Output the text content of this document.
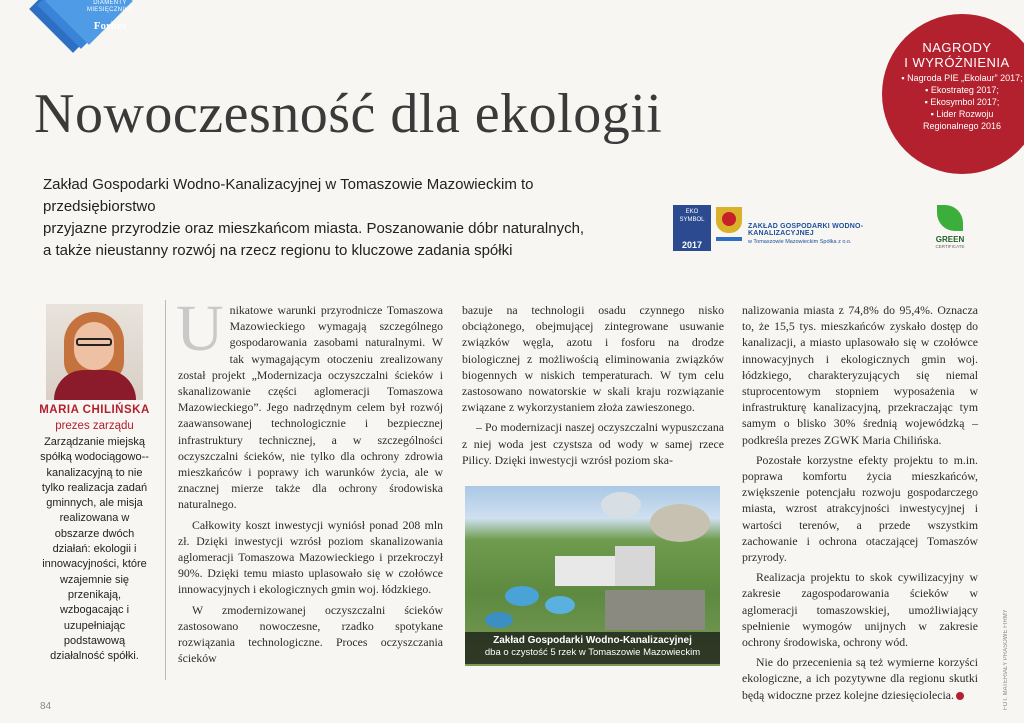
DIAMENTY
MIESIĘCZNIKA
Forbes
NAGRODY
I WYRÓŻNIENIA
▪ Nagroda PIE „Ekolaur” 2017;
▪ Ekostrateg 2017;
▪ Ekosymbol 2017;
▪ Lider Rozwoju
Regionalnego 2016
Nowoczesność dla ekologii

Zakład Gospodarki Wodno-Kanalizacyjnej w Tomaszowie Mazowieckim to przedsiębiorstwo

przyjazne przyrodzie oraz mieszkańcom miasta. Poszanowanie dóbr naturalnych,

a także nieustanny rozwój na rzecz regionu to kluczowe zadania spółki

EKO
SYMBOL
2017
ZAKŁAD GOSPODARKI WODNO-KANALIZACYJNEJ
w Tomaszowie Mazowieckim Spółka z o.o.	GREEN
CERTIFICATE
MARIA CHILIŃSKA
prezes zarządu
Zarządzanie miejską spółką wodociągowo--kanalizacyjną to nie tylko realizacja zadań gminnych, ale misja realizowana w obszarze dwóch działań: ekologii i innowacyjności, które wzajemnie się przenikają, wzbogacając i uzupełniając podstawową działalność spółki.

Unikatowe warunki przyrodnicze Tomaszowa Mazowieckiego wymagają szczególnego gospodarowania zasobami naturalnymi. W tak wymagającym otoczeniu zrealizowany został projekt „Modernizacja oczyszczalni ścieków i skanalizowanie części aglomeracji Tomaszowa Mazowieckiego”. Jego nadrzędnym celem był rozwój zaawansowanej technologicznie i bezpiecznej infrastruktury technicznej, a w szczególności oczyszczalni ścieków, nie tylko dla ochrony zdrowia mieszkańców i poprawy ich warunków życia, ale w znacznej mierze także dla ochrony środowiska naturalnego.

Całkowity koszt inwestycji wyniósł ponad 208 mln zł. Dzięki inwestycji wzrósł poziom skanalizowania aglomeracji Tomaszowa Mazowieckiego i przekroczył 90%. Dzięki temu miasto uplasowało się w czołówce innowacyjnych i ekologicznych gmin woj. łódzkiego.

W zmodernizowanej oczyszczalni ścieków zastosowano nowoczesne, rzadko spotykane rozwiązania technologiczne. Proces oczyszczania ścieków

bazuje na technologii osadu czynnego nisko obciążonego, obejmującej zintegrowane usuwanie związków węgla, azotu i fosforu na drodze biologicznej z możliwością eliminowania związków biogennych w niskich temperaturach. W tym celu zastosowano nowatorskie w skali kraju rozwiązanie związane z wykorzystaniem złoża zawieszonego.

– Po modernizacji naszej oczyszczalni wypuszczana z niej woda jest czystsza od wody w samej rzece Pilicy. Dzięki inwestycji wzrósł poziom ska-

Zakład Gospodarki Wodno-Kanalizacyjnej
dba o czystość 5 rzek w Tomaszowie Mazowieckim

nalizowania miasta z 74,8% do 95,4%. Oznacza to, że 15,5 tys. mieszkańców zyskało dostęp do kanalizacji, a miasto uplasowało się w czołówce innowacyjnych i ekologicznych gmin woj. łódzkiego, charakteryzujących się niemal stuprocentowym stopniem wyposażenia w infrastrukturę kanalizacyjną, przekraczając tym samym o blisko 30% średnią wojewódzką – podkreśla prezes ZGWK Maria Chilińska.

Pozostałe korzystne efekty projektu to m.in. poprawa komfortu życia mieszkańców, zwiększenie potencjału rozwoju gospodarczego miasta, wzrost atrakcyjności inwestycyjnej i wartości terenów, a przede wszystkim zachowanie i ochrona otaczającej Tomaszów przyrody.

Realizacja projektu to skok cywilizacyjny w zakresie zagospodarowania ścieków w aglomeracji tomaszowskiej, umożliwiający spełnienie wymogów unijnych w zakresie ochrony środowiska, ochrony wód.

Nie do przecenienia są też wymierne korzyści ekologiczne, a ich pozytywne dla regionu skutki będą widoczne przez kolejne dziesięciolecia.

84	FOT. MATERIAŁY PRASOWE FIRMY
